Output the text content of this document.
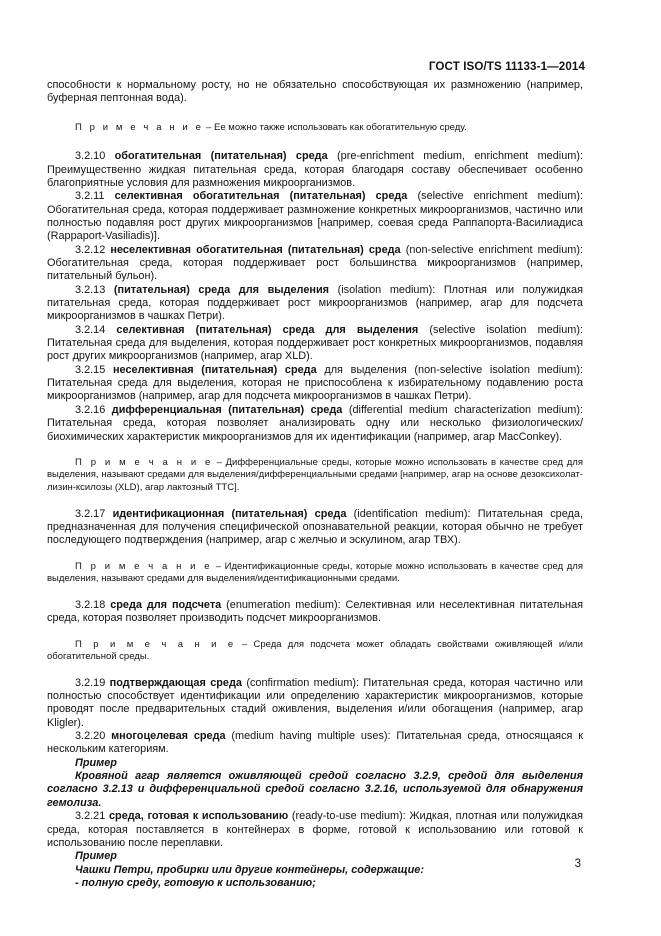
ГОСТ ISO/TS 11133-1—2014

способности к нормальному росту, но не обязательно способствующая их размножению (например, буферная пептонная вода).

П р и м е ч а н и е – Ее можно также использовать как обогатительную среду.

3.2.10 обогатительная (питательная) среда (pre-enrichment medium, enrichment medium): Преимущественно жидкая питательная среда, которая благодаря составу обеспечивает особенно благоприятные условия для размножения микроорганизмов.

3.2.11 селективная обогатительная (питательная) среда (selective enrichment medium): Обогатительная среда, которая поддерживает размножение конкретных микроорганизмов, частично или полностью подавляя рост других микроорганизмов [например, соевая среда Раппапорта-Василиадиса (Rappaport-Vasiliadis)].

3.2.12 неселективная обогатительная (питательная) среда (non-selective enrichment medium): Обогатительная среда, которая поддерживает рост большинства микроорганизмов (например, питательный бульон).

3.2.13 (питательная) среда для выделения (isolation medium): Плотная или полужидкая питательная среда, которая поддерживает рост микроорганизмов (например, агар для подсчета микроорганизмов в чашках Петри).

3.2.14 селективная (питательная) среда для выделения (selective isolation medium): Питательная среда для выделения, которая поддерживает рост конкретных микроорганизмов, подавляя рост других микроорганизмов (например, агар XLD).

3.2.15 неселективная (питательная) среда для выделения (non-selective isolation medium): Питательная среда для выделения, которая не приспособлена к избирательному подавлению роста микроорганизмов (например, агар для подсчета микроорганизмов в чашках Петри).

3.2.16 дифференциальная (питательная) среда (differential medium characterization medium): Питательная среда, которая позволяет анализировать одну или несколько физиологических/биохимических характеристик микроорганизмов для их идентификации (например, агар MacConkey).

П р и м е ч а н и е – Дифференциальные среды, которые можно использовать в качестве сред для выделения, называют средами для выделения/дифференциальными средами [например, агар на основе дезоксихолат-лизин-ксилозы (XLD), агар лактозный ТТС].

3.2.17 идентификационная (питательная) среда (identification medium): Питательная среда, предназначенная для получения специфической опознавательной реакции, которая обычно не требует последующего подтверждения (например, агар с желчью и эскулином, агар ТВХ).

П р и м е ч а н и е – Идентификационные среды, которые можно использовать в качестве сред для выделения, называют средами для выделения/идентификационными средами.

3.2.18 среда для подсчета (enumeration medium): Селективная или неселективная питательная среда, которая позволяет производить подсчет микроорганизмов.

П р и м е ч а н и е – Среда для подсчета может обладать свойствами оживляющей и/или обогатительной среды.

3.2.19 подтверждающая среда (confirmation medium): Питательная среда, которая частично или полностью способствует идентификации или определению характеристик микроорганизмов, которые проводят после предварительных стадий оживления, выделения и/или обогащения (например, агар Kligler).

3.2.20 многоцелевая среда (medium having multiple uses): Питательная среда, относящаяся к нескольким категориям.

Пример

Кровяной агар является оживляющей средой согласно 3.2.9, средой для выделения согласно 3.2.13 и дифференциальной средой согласно 3.2.16, используемой для обнаружения гемолиза.

3.2.21 среда, готовая к использованию (ready-to-use medium): Жидкая, плотная или полужидкая среда, которая поставляется в контейнерах в форме, готовой к использованию или готовой к использованию после переплавки.

Пример

Чашки Петри, пробирки или другие контейнеры, содержащие:

- полную среду, готовую к использованию;

3
